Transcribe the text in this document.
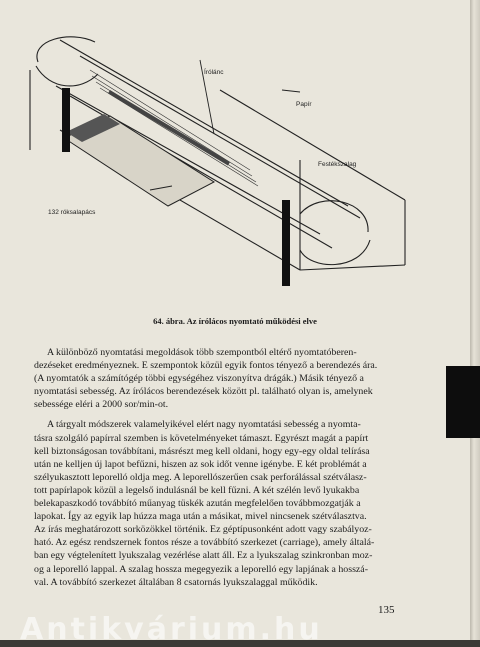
Írólánc
Papír
Festékszalag
132 róksalapács
64. ábra. Az írólácos nyomtató működési elve

A különböző nyomtatási megoldások több szempontból eltérő nyomtatóberen-

dezéseket eredményeznek. E szempontok közül egyik fontos tényező a berendezés ára.

(A nyomtatók a számítógép többi egységéhez viszonyítva drágák.) Másik tényező a

nyomtatási sebesség. Az írólácos berendezések között pl. található olyan is, amelynek

sebessége eléri a 2000 sor/min-ot.

A tárgyalt módszerek valamelyikével elért nagy nyomtatási sebesség a nyomta-

tásra szolgáló papírral szemben is követelményeket támaszt. Egyrészt magát a papírt

kell biztonságosan továbbítani, másrészt meg kell oldani, hogy egy-egy oldal telírása

után ne kelljen új lapot befűzni, hiszen az sok időt venne igénybe. E két problémát a

szélyukasztott leporelló oldja meg. A leporellószerűen csak perforálással szétválasz-

tott papírlapok közül a legelső indulásnál be kell fűzni. A két szélén levő lyukakba

belekapaszkodó továbbító műanyag tüskék azután megfelelően továbbmozgatják a

lapokat. Így az egyik lap húzza maga után a másikat, mivel nincsenek szétválasztva.

Az írás meghatározott sorközökkel történik. Ez géptípusonként adott vagy szabályoz-

ható. Az egész rendszernek fontos része a továbbító szerkezet (carriage), amely általá-

ban egy végtelenített lyukszalag vezérlése alatt áll. Ez a lyukszalag szinkronban moz-

og a leporelló lappal. A szalag hossza megegyezik a leporelló egy lapjának a hosszá-

val. A továbbító szerkezet általában 8 csatornás lyukszalaggal működik.

135
Antikvárium.hu
